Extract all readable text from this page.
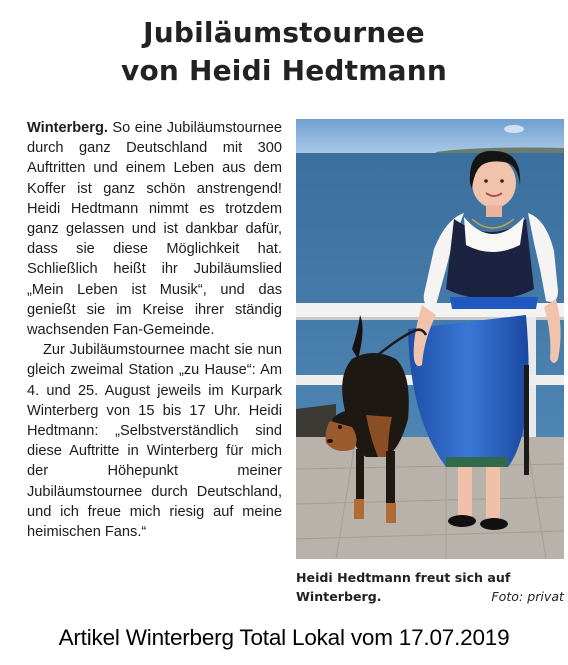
Jubiläumstournee
von Heidi Hedtmann

Winterberg. So eine Jubiläumstournee durch ganz Deutschland mit 300 Auftritten und einem Leben aus dem Koffer ist ganz schön anstrengend! Heidi Hedtmann nimmt es trotzdem ganz gelassen und ist dankbar dafür, dass sie diese Möglichkeit hat. Schließlich heißt ihr Jubiläumslied „Mein Leben ist Musik“, und das genießt sie im Kreise ihrer ständig wachsenden Fan-Gemeinde.

Zur Jubiläumstournee macht sie nun gleich zweimal Station „zu Hause“: Am 4. und 25. August jeweils im Kurpark Winterberg von 15 bis 17 Uhr. Heidi Hedtmann: „Selbstverständlich sind diese Auftritte in Winterberg für mich der Höhepunkt meiner Jubiläumstournee durch Deutschland, und ich freue mich riesig auf meine heimischen Fans.“

Heidi Hedtmann freut sich auf
Winterberg.	Foto: privat
Artikel Winterberg Total Lokal vom 17.07.2019
